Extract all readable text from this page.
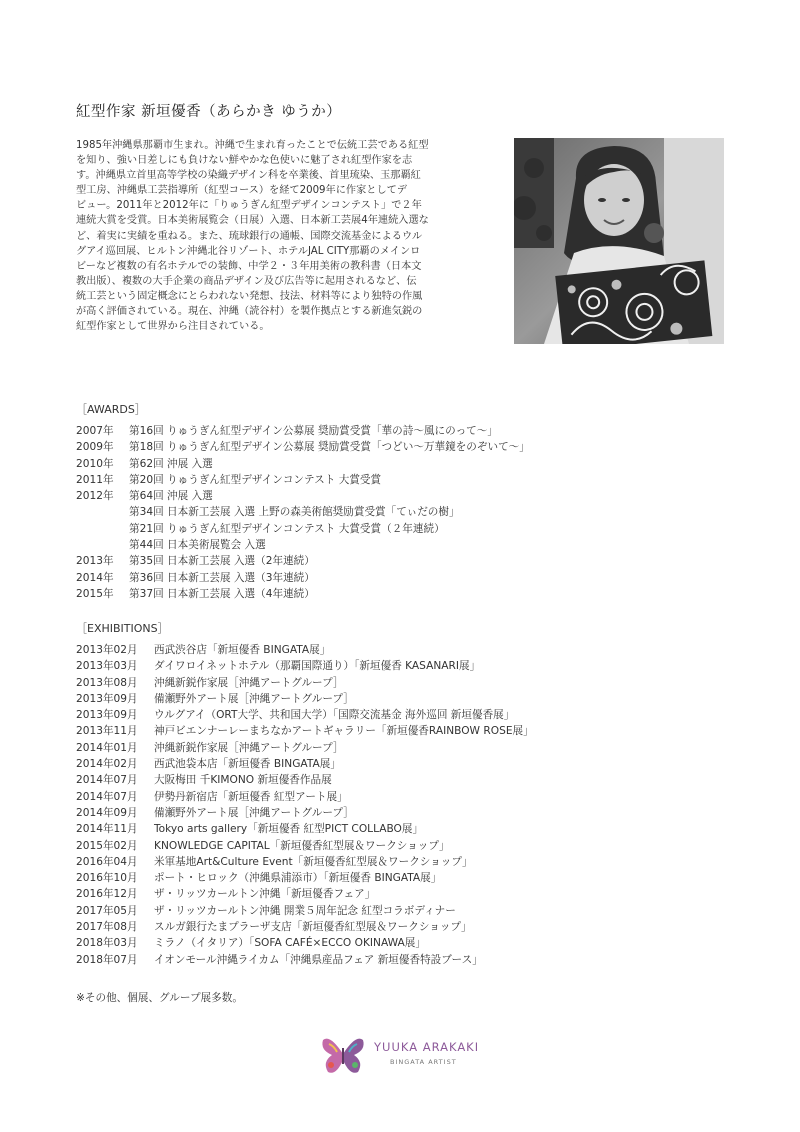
紅型作家 新垣優香（あらかき ゆうか）
1985年沖縄県那覇市生まれ。沖縄で生まれ育ったことで伝統工芸である紅型
を知り、強い日差しにも負けない鮮やかな色使いに魅了され紅型作家を志
す。沖縄県立首里高等学校の染織デザイン科を卒業後、首里琉染、玉那覇紅
型工房、沖縄県工芸指導所（紅型コース）を経て2009年に作家としてデ
ビュー。2011年と2012年に「りゅうぎん紅型デザインコンテスト」で２年
連続大賞を受賞。日本美術展覧会（日展）入選、日本新工芸展4年連続入選な
ど、着実に実績を重ねる。また、琉球銀行の通帳、国際交流基金によるウル
グアイ巡回展、ヒルトン沖縄北谷リゾート、ホテルJAL CITY那覇のメインロ
ビーなど複数の有名ホテルでの装飾、中学２・３年用美術の教科書（日本文
教出版）、複数の大手企業の商品デザイン及び広告等に起用されるなど、伝
統工芸という固定概念にとらわれない発想、技法、材料等により独特の作風
が高く評価されている。現在、沖縄（読谷村）を製作拠点とする新進気鋭の
紅型作家として世界から注目されている。
［AWARDS］
2007年 第16回 りゅうぎん紅型デザイン公募展 奨励賞受賞「華の詩〜風にのって〜」
2009年 第18回 りゅうぎん紅型デザイン公募展 奨励賞受賞「つどい〜万華鏡をのぞいて〜」
2010年 第62回 沖展 入選
2011年 第20回 りゅうぎん紅型デザインコンテスト 大賞受賞
2012年 第64回 沖展 入選
第34回 日本新工芸展 入選 上野の森美術館奨励賞受賞「てぃだの樹」
第21回 りゅうぎん紅型デザインコンテスト 大賞受賞（２年連続）
第44回 日本美術展覧会 入選
2013年 第35回 日本新工芸展 入選（2年連続）
2014年 第36回 日本新工芸展 入選（3年連続）
2015年 第37回 日本新工芸展 入選（4年連続）
［EXHIBITIONS］
2013年02月 西武渋谷店「新垣優香 BINGATA展」
2013年03月 ダイワロイネットホテル（那覇国際通り）「新垣優香 KASANARI展」
2013年08月 沖縄新鋭作家展［沖縄アートグループ］
2013年09月 備瀬野外アート展［沖縄アートグループ］
2013年09月 ウルグアイ（ORT大学、共和国大学）「国際交流基金 海外巡回 新垣優香展」
2013年11月 神戸ビエンナーレーまちなかアートギャラリー「新垣優香RAINBOW ROSE展」
2014年01月 沖縄新鋭作家展［沖縄アートグループ］
2014年02月 西武池袋本店「新垣優香 BINGATA展」
2014年07月 大阪梅田 千KIMONO 新垣優香作品展
2014年07月 伊勢丹新宿店「新垣優香 紅型アート展」
2014年09月 備瀬野外アート展［沖縄アートグループ］
2014年11月 Tokyo arts gallery「新垣優香 紅型PICT COLLABO展」
2015年02月 KNOWLEDGE CAPITAL「新垣優香紅型展＆ワークショップ」
2016年04月 米軍基地Art&Culture Event「新垣優香紅型展＆ワークショップ」
2016年10月 ポート・ヒロック（沖縄県浦添市）「新垣優香 BINGATA展」
2016年12月 ザ・リッツカールトン沖縄「新垣優香フェア」
2017年05月 ザ・リッツカールトン沖縄 開業５周年記念 紅型コラボディナー
2017年08月 スルガ銀行たまプラーザ支店「新垣優香紅型展＆ワークショップ」
2018年03月 ミラノ（イタリア）「SOFA CAFÉ×ECCO OKINAWA展」
2018年07月 イオンモール沖縄ライカム「沖縄県産品フェア 新垣優香特設ブース」
※その他、個展、グループ展多数。
YUUKA ARAKAKI
BINGATA ARTIST
